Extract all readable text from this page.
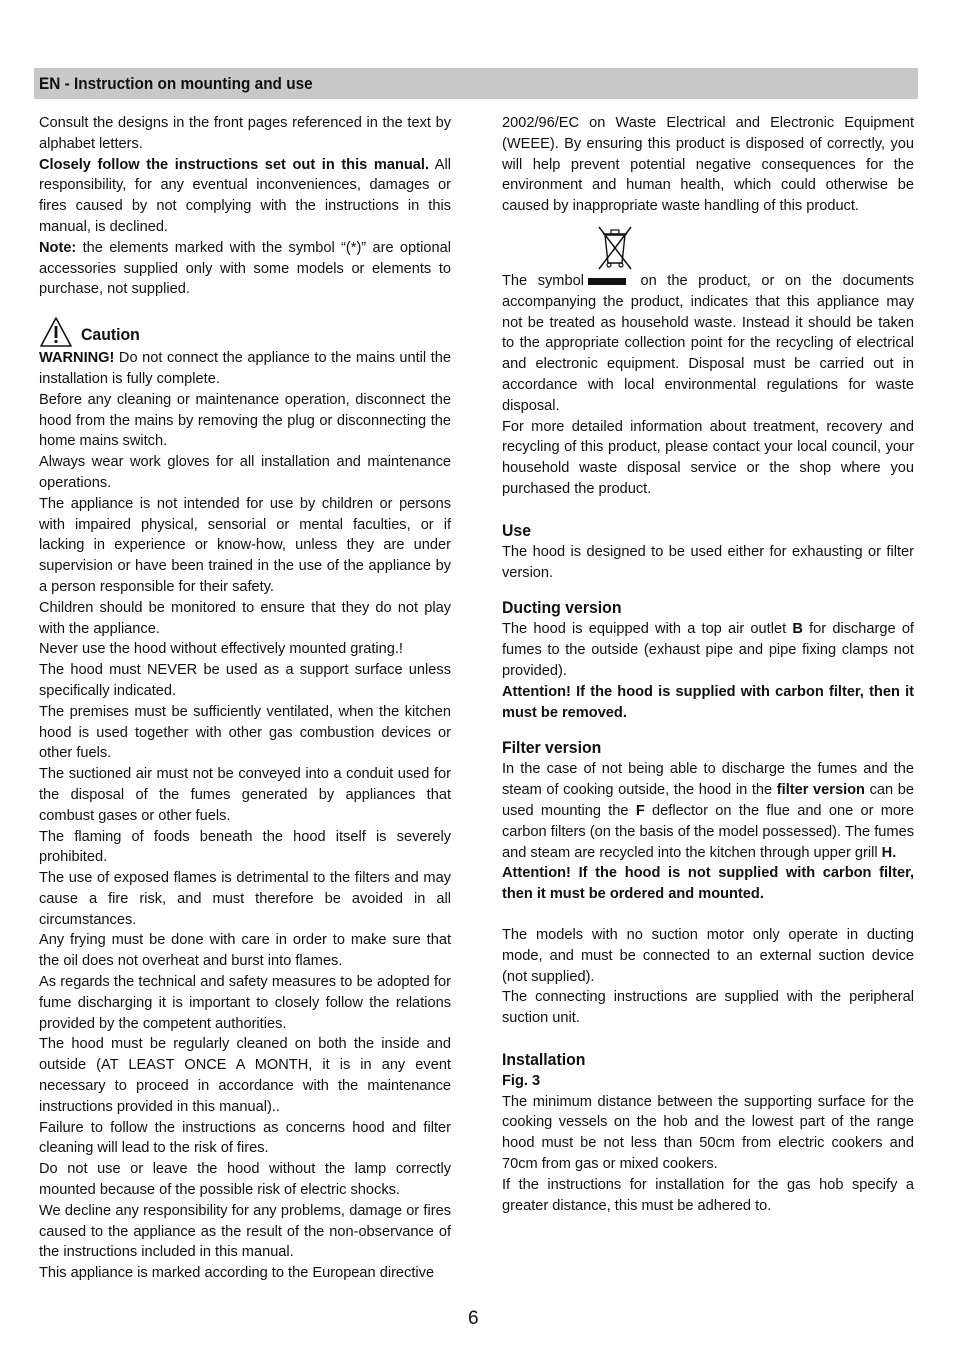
EN - Instruction on mounting and use

Consult the designs in the front pages referenced in the text by alphabet letters.

Closely follow the instructions set out in this manual. All responsibility, for any eventual inconveniences, damages or fires caused by not complying with the instructions in this manual, is declined.

Note: the elements marked with the symbol “(*)” are optional accessories supplied only with some models or elements to purchase, not supplied.

Caution

WARNING! Do not connect the appliance to the mains until the installation is fully complete.

Before any cleaning or maintenance operation, disconnect the hood from the mains by removing the plug or disconnecting the home mains switch.

Always wear work gloves for all installation and maintenance operations.

The appliance is not intended for use by children or persons with impaired physical, sensorial or mental faculties, or if lacking in experience or know-how, unless they are under supervision or have been trained in the use of the appliance by a person responsible for their safety.

Children should be monitored to ensure that they do not play with the appliance.

Never use the hood without effectively mounted grating.!

The hood must NEVER be used as a support surface unless specifically indicated.

The premises must be sufficiently ventilated, when the kitchen hood is used together with other gas combustion devices or other fuels.

The suctioned air must not be conveyed into a conduit used for the disposal of the fumes generated by appliances that combust gases or other fuels.

The flaming of foods beneath the hood itself is severely prohibited.

The use of exposed flames is detrimental to the filters and may cause a fire risk, and must therefore be avoided in all circumstances.

Any frying must be done with care in order to make sure that the oil does not overheat and burst into flames.

As regards the technical and safety measures to be adopted for fume discharging it is important to closely follow the relations provided by the competent authorities.

The hood must be regularly cleaned on both the inside and outside (AT LEAST ONCE A MONTH, it is in any event necessary to proceed in accordance with the maintenance instructions provided in this manual)..

Failure to follow the instructions as concerns hood and filter cleaning will lead to the risk of fires.

Do not use or leave the hood without the lamp correctly mounted because of the possible risk of electric shocks.

We decline any responsibility for any problems, damage or fires caused to the appliance as the result of the non-observance of the instructions included in this manual.

This appliance is marked according to the European directive

2002/96/EC on Waste Electrical and Electronic Equipment (WEEE). By ensuring this product is disposed of correctly, you will help prevent potential negative consequences for the environment and human health, which could otherwise be caused by inappropriate waste handling of this product.

The symbol	on the product, or on the documents accompanying the product, indicates that this appliance may not be treated as household waste. Instead it should be taken to the appropriate collection point for the recycling of electrical and electronic equipment. Disposal must be carried out in accordance with local environmental regulations for waste disposal.

For more detailed information about treatment, recovery and recycling of this product, please contact your local council, your household waste disposal service or the shop where you purchased the product.

Use

The hood is designed to be used either for exhausting or filter version.

Ducting version

The hood is equipped with a top air outlet B for discharge of fumes to the outside (exhaust pipe and pipe fixing clamps not provided).

Attention! If the hood is supplied with carbon filter, then it must be removed.

Filter version

In the case of not being able to discharge the fumes and the steam of cooking outside, the hood in the filter version can be used mounting the F deflector on the flue and one or more carbon filters (on the basis of the model possessed). The fumes and steam are recycled into the kitchen through upper grill H.

Attention! If the hood is not supplied with carbon filter, then it must be ordered and mounted.

The models with no suction motor only operate in ducting mode, and must be connected to an external suction device (not supplied).

The connecting instructions are supplied with the peripheral suction unit.

Installation

Fig. 3

The minimum distance between the supporting surface for the cooking vessels on the hob and the lowest part of the range hood must be not less than 50cm from electric cookers and 70cm from gas or mixed cookers.

If the instructions for installation for the gas hob specify a greater distance, this must be adhered to.

6
